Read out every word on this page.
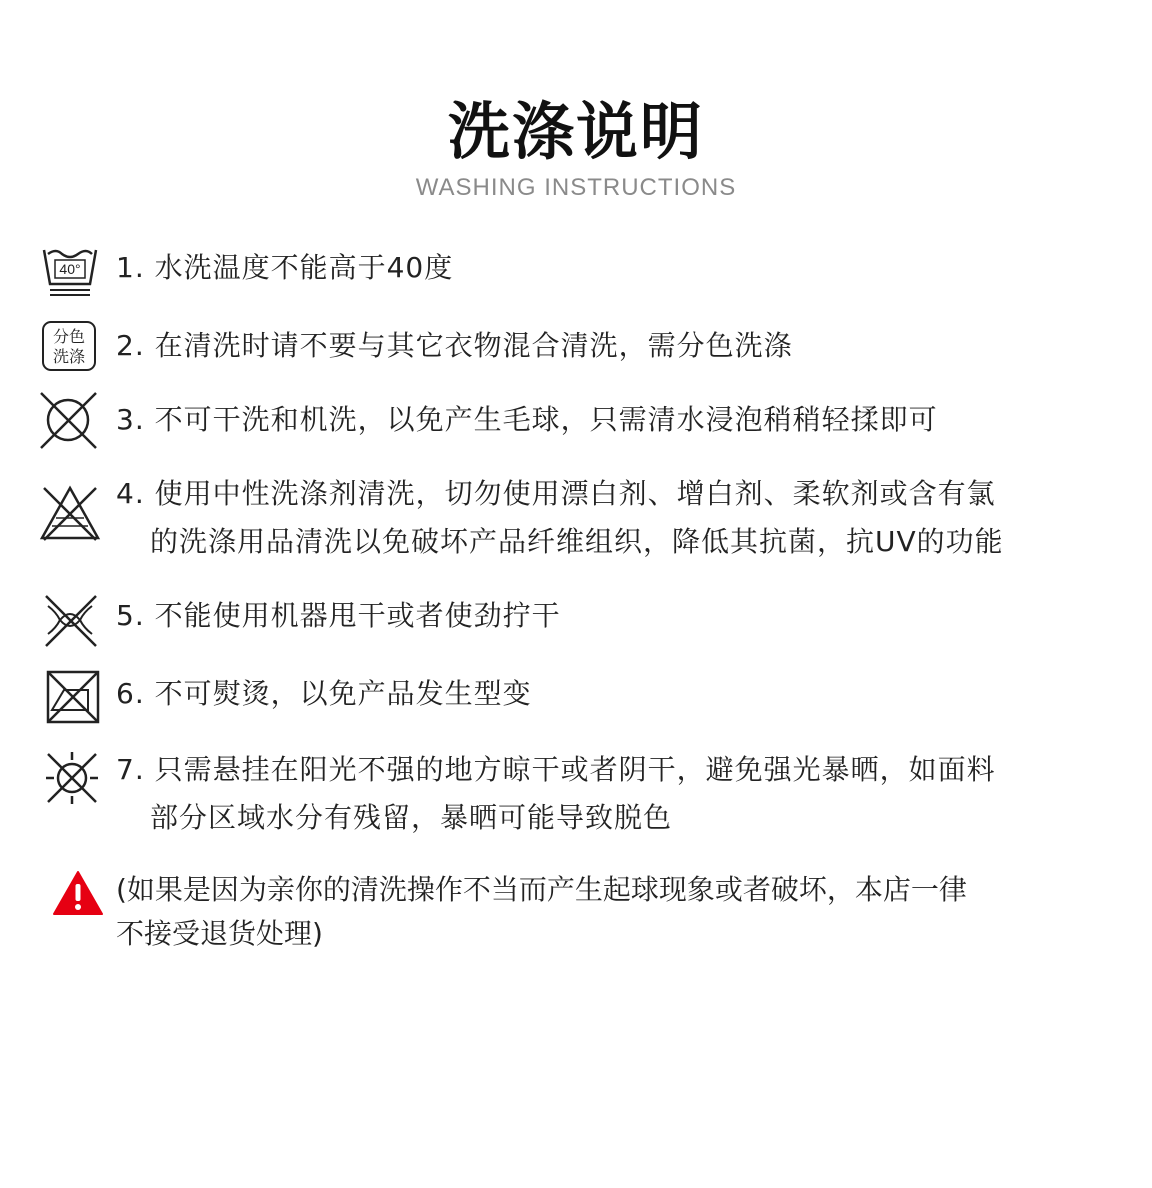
洗涤说明
WASHING INSTRUCTIONS
40° 1. 水洗温度不能高于40度
分色
洗涤 2. 在清洗时请不要与其它衣物混合清洗，需分色洗涤
3. 不可干洗和机洗，以免产生毛球，只需清水浸泡稍稍轻揉即可
4. 使用中性洗涤剂清洗，切勿使用漂白剂、增白剂、柔软剂或含有氯
的洗涤用品清洗以免破坏产品纤维组织，降低其抗菌，抗UV的功能
5. 不能使用机器甩干或者使劲拧干
6. 不可熨烫，以免产品发生型变
7. 只需悬挂在阳光不强的地方晾干或者阴干，避免强光暴晒，如面料
部分区域水分有残留，暴晒可能导致脱色
(如果是因为亲你的清洗操作不当而产生起球现象或者破坏，本店一律
不接受退货处理)
